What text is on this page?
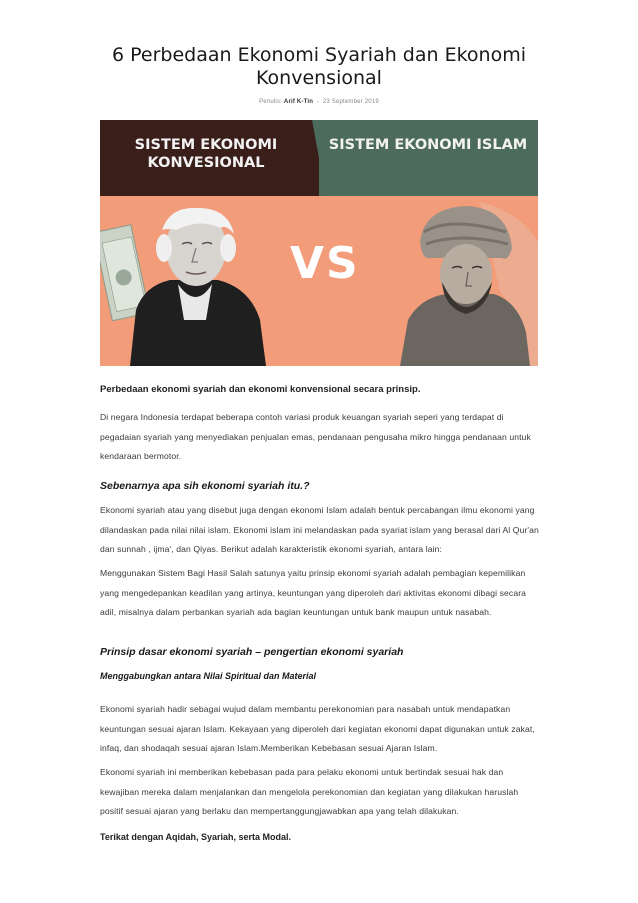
6 Perbedaan Ekonomi Syariah dan Ekonomi Konvensional
Penulis: Arif K-Tin - 23 September 2019
SISTEM EKONOMI KONVESIONAL
SISTEM EKONOMI ISLAM
VS
Perbedaan ekonomi syariah dan ekonomi konvensional secara prinsip.

Di negara Indonesia terdapat beberapa contoh variasi produk keuangan syariah seperi yang terdapat di pegadaian syariah yang menyediakan penjualan emas, pendanaan pengusaha mikro hingga pendanaan untuk kendaraan bermotor.

Sebenarnya apa sih ekonomi syariah itu.?

Ekonomi syariah atau yang disebut juga dengan ekonomi Islam adalah bentuk percabangan ilmu ekonomi yang dilandaskan pada nilai nilai islam. Ekonomi islam ini melandaskan pada syariat islam yang berasal dari Al Qur'an dan sunnah , ijma', dan Qiyas. Berikut adalah karakteristik ekonomi syariah, antara lain:

Menggunakan Sistem Bagi Hasil Salah satunya yaitu prinsip ekonomi syariah adalah pembagian kepemilikan yang mengedepankan keadilan yang artinya, keuntungan yang diperoleh dari aktivitas ekonomi dibagi secara adil, misalnya dalam perbankan syariah ada bagian keuntungan untuk bank maupun untuk nasabah.

Prinsip dasar ekonomi syariah – pengertian ekonomi syariah
Menggabungkan antara Nilai Spiritual dan Material

Ekonomi syariah hadir sebagai wujud dalam membantu perekonomian para nasabah untuk mendapatkan keuntungan sesuai ajaran Islam. Kekayaan yang diperoleh dari kegiatan ekonomi dapat digunakan untuk zakat, infaq, dan shodaqah sesuai ajaran Islam.Memberikan Kebebasan sesuai Ajaran Islam.

Ekonomi syariah ini memberikan kebebasan pada para pelaku ekonomi untuk bertindak sesuai hak dan kewajiban mereka dalam menjalankan dan mengelola perekonomian dan kegiatan yang dilakukan haruslah positif sesuai ajaran yang berlaku dan mempertanggungjawabkan apa yang telah dilakukan.

Terikat dengan Aqidah, Syariah, serta Modal.
